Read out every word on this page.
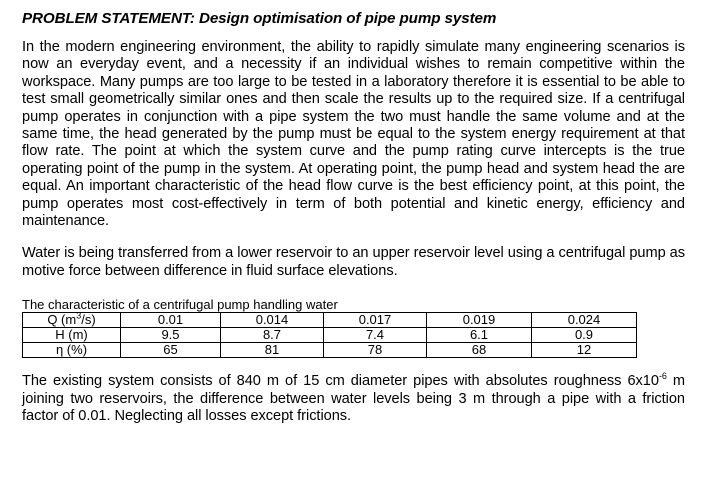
PROBLEM STATEMENT: Design optimisation of pipe pump system

In the modern engineering environment, the ability to rapidly simulate many engineering scenarios is now an everyday event, and a necessity if an individual wishes to remain competitive within the workspace. Many pumps are too large to be tested in a laboratory therefore it is essential to be able to test small geometrically similar ones and then scale the results up to the required size. If a centrifugal pump operates in conjunction with a pipe system the two must handle the same volume and at the same time, the head generated by the pump must be equal to the system energy requirement at that flow rate. The point at which the system curve and the pump rating curve intercepts is the true operating point of the pump in the system. At operating point, the pump head and system head the are equal. An important characteristic of the head flow curve is the best efficiency point, at this point, the pump operates most cost-effectively in term of both potential and kinetic energy, efficiency and maintenance.

Water is being transferred from a lower reservoir to an upper reservoir level using a centrifugal pump as motive force between difference in fluid surface elevations.

The characteristic of a centrifugal pump handling water

Q $(m^3/s)$	0.01	0.014	0.017	0.019	0.024
H (m)	9.5	8.7	7.4	6.1	0.9
η (%)	65	81	78	68	12

The existing system consists of 840 m of 15 cm diameter pipes with absolutes roughness $6x10^{-6}$ m joining two reservoirs, the difference between water levels being 3 m through a pipe with a friction factor of 0.01. Neglecting all losses except frictions.
